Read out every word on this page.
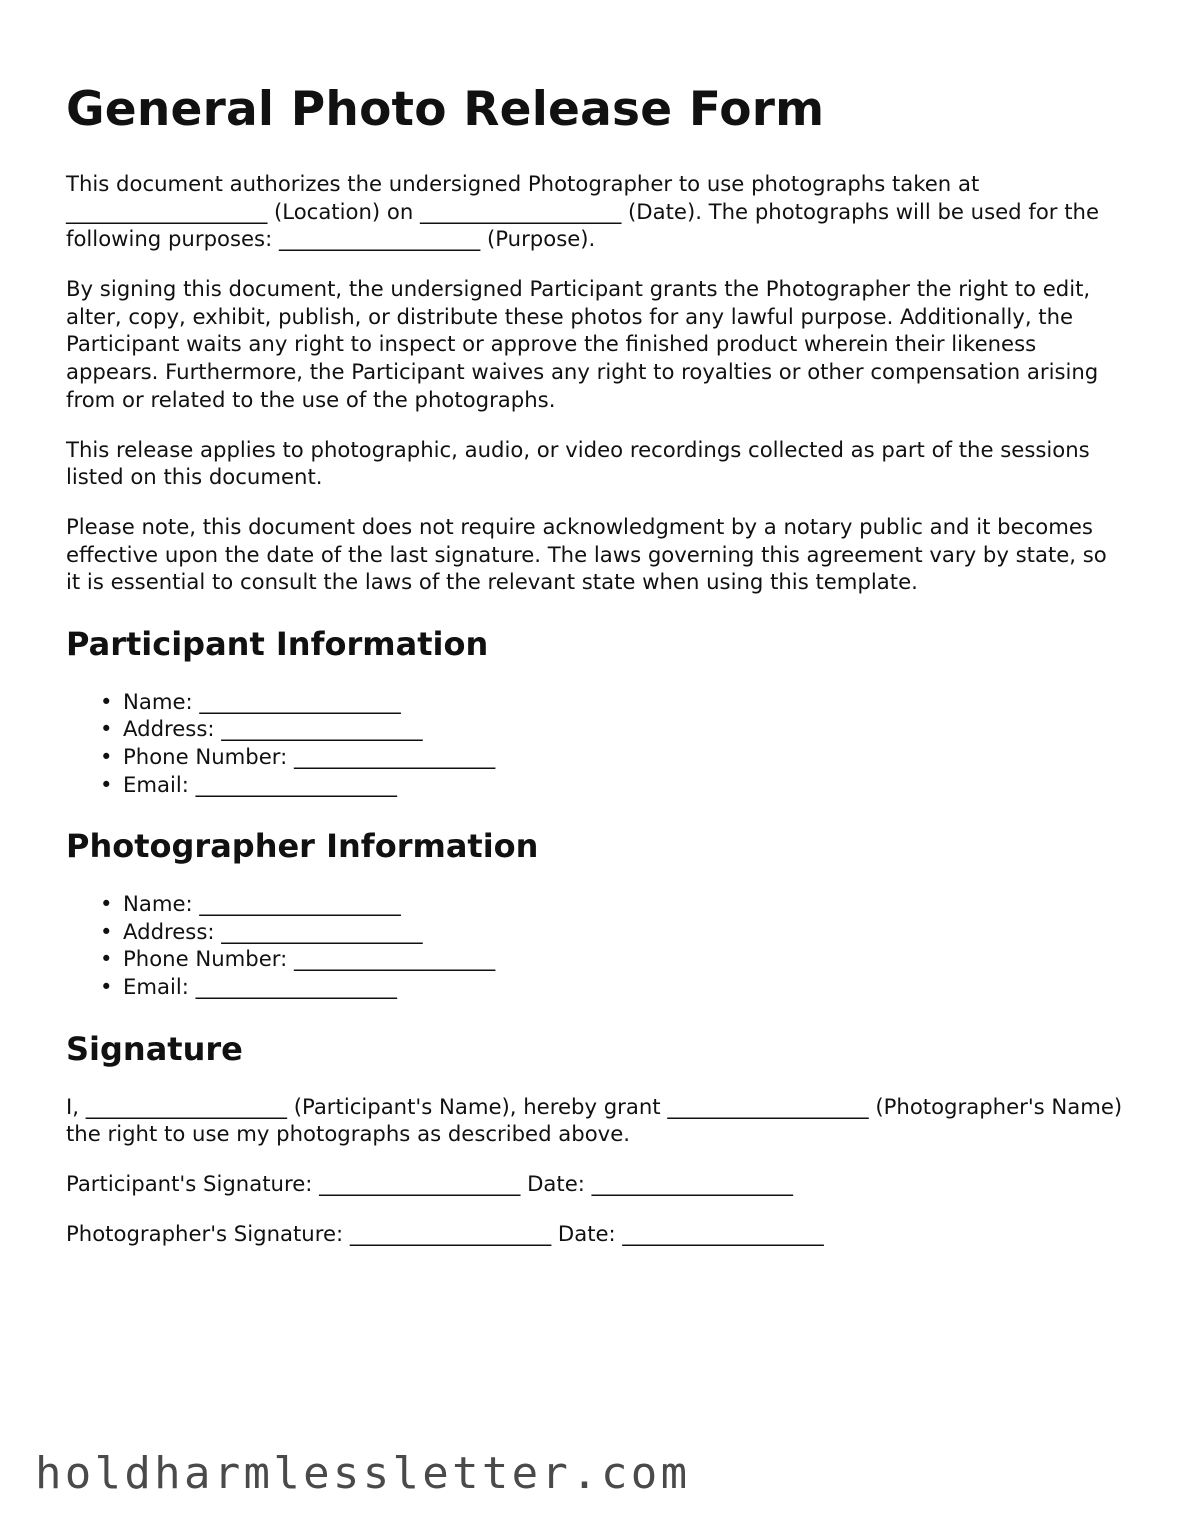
General Photo Release Form

This document authorizes the undersigned Photographer to use photographs taken at ___________________ (Location) on ___________________ (Date). The photographs will be used for the following purposes: ___________________ (Purpose).

By signing this document, the undersigned Participant grants the Photographer the right to edit, alter, copy, exhibit, publish, or distribute these photos for any lawful purpose. Additionally, the Participant waits any right to inspect or approve the finished product wherein their likeness appears. Furthermore, the Participant waives any right to royalties or other compensation arising from or related to the use of the photographs.

This release applies to photographic, audio, or video recordings collected as part of the sessions listed on this document.

Please note, this document does not require acknowledgment by a notary public and it becomes effective upon the date of the last signature. The laws governing this agreement vary by state, so it is essential to consult the laws of the relevant state when using this template.

Participant Information
• Name: ___________________
• Address: ___________________
• Phone Number: ___________________
• Email: ___________________
Photographer Information
• Name: ___________________
• Address: ___________________
• Phone Number: ___________________
• Email: ___________________
Signature

I, ___________________ (Participant's Name), hereby grant ___________________ (Photographer's Name) the right to use my photographs as described above.

Participant's Signature: ___________________ Date: ___________________
Photographer's Signature: ___________________ Date: ___________________
holdharmlessletter.com
